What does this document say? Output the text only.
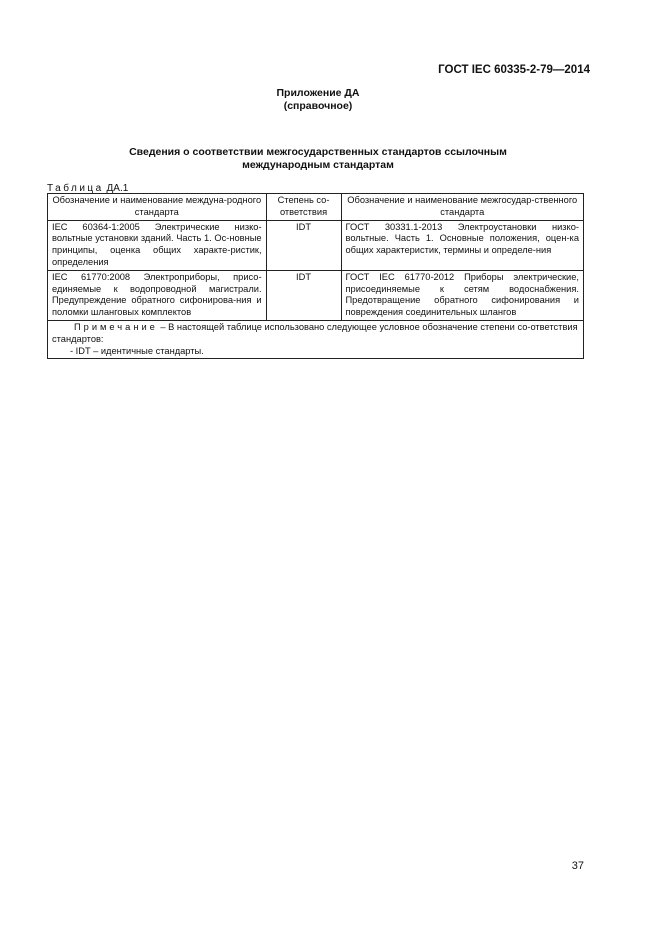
ГОСТ IEC 60335-2-79—2014
Приложение ДА
(справочное)
Сведения о соответствии межгосударственных стандартов ссылочным
международным стандартам
Таблица ДА.1
Обозначение и наименование междуна-родного стандарта	Степень со-ответствия	Обозначение и наименование межгосудар-ственного стандарта
IEC 60364-1:2005 Электрические низко-вольтные установки зданий. Часть 1. Ос-новные принципы, оценка общих характе-ристик, определения	IDT	ГОСТ 30331.1-2013 Электроустановки низко-вольтные. Часть 1. Основные положения, оцен-ка общих характеристик, термины и определе-ния
IEC 61770:2008 Электроприборы, присо-единяемые к водопроводной магистрали. Предупреждение обратного сифонирова-ния и поломки шланговых комплектов	IDT	ГОСТ IEC 61770-2012 Приборы электрические, присоединяемые к сетям водоснабжения. Предотвращение обратного сифонирования и повреждения соединительных шлангов

Примечание – В настоящей таблице использовано следующее условное обозначение степени со-ответствия стандартов:
- IDT – идентичные стандарты.		
37
